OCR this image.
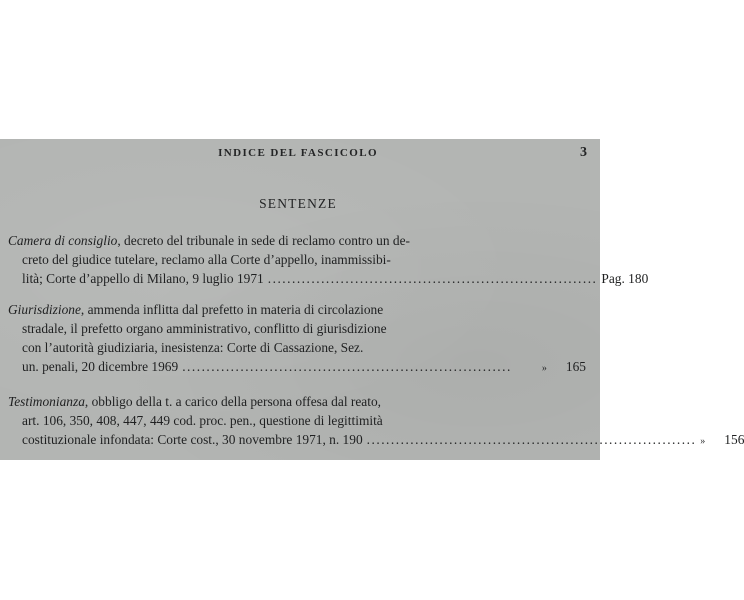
INDICE DEL FASCICOLO	3
SENTENZE
Camera di consiglio, decreto del tribunale in sede di reclamo contro un de-
creto del giudice tutelare, reclamo alla Corte d’appello, inammissibi-
lità; Corte d’appello di Milano, 9 luglio 1971 .................................................................... Pag. 180
Giurisdizione, ammenda inflitta dal prefetto in materia di circolazione
stradale, il prefetto organo amministrativo, conflitto di giurisdizione
con l’autorità giudiziaria, inesistenza: Corte di Cassazione, Sez.
un. penali, 20 dicembre 1969 ....................................................................	» 165
Testimonianza, obbligo della t. a carico della persona offesa dal reato,
art. 106, 350, 408, 447, 449 cod. proc. pen., questione di legittimità
costituzionale infondata: Corte cost., 30 novembre 1971, n. 190 .................................................................... » 156
